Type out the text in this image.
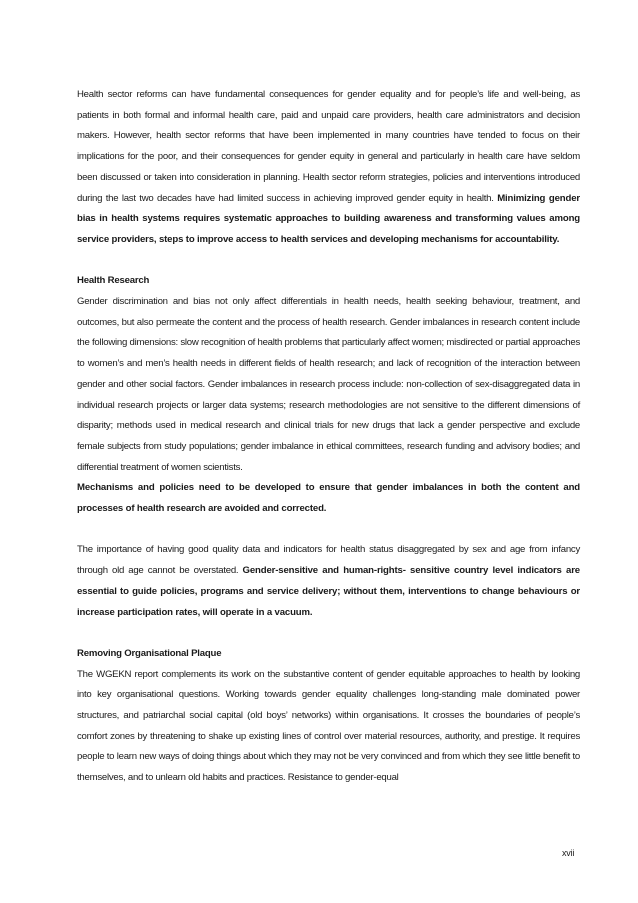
Health sector reforms can have fundamental consequences for gender equality and for people’s life and well-being, as patients in both formal and informal health care, paid and unpaid care providers, health care administrators and decision makers. However, health sector reforms that have been implemented in many countries have tended to focus on their implications for the poor, and their consequences for gender equity in general and particularly in health care have seldom been discussed or taken into consideration in planning. Health sector reform strategies, policies and interventions introduced during the last two decades have had limited success in achieving improved gender equity in health. Minimizing gender bias in health systems requires systematic approaches to building awareness and transforming values among service providers, steps to improve access to health services and developing mechanisms for accountability.

Health Research

Gender discrimination and bias not only affect differentials in health needs, health seeking behaviour, treatment, and outcomes, but also permeate the content and the process of health research. Gender imbalances in research content include the following dimensions: slow recognition of health problems that particularly affect women; misdirected or partial approaches to women’s and men’s health needs in different fields of health research; and lack of recognition of the interaction between gender and other social factors. Gender imbalances in research process include: non-collection of sex-disaggregated data in individual research projects or larger data systems; research methodologies are not sensitive to the different dimensions of disparity; methods used in medical research and clinical trials for new drugs that lack a gender perspective and exclude female subjects from study populations; gender imbalance in ethical committees, research funding and advisory bodies; and differential treatment of women scientists.
Mechanisms and policies need to be developed to ensure that gender imbalances in both the content and processes of health research are avoided and corrected.

The importance of having good quality data and indicators for health status disaggregated by sex and age from infancy through old age cannot be overstated. Gender-sensitive and human-rights- sensitive country level indicators are essential to guide policies, programs and service delivery; without them, interventions to change behaviours or increase participation rates, will operate in a vacuum.

Removing Organisational Plaque

The WGEKN report complements its work on the substantive content of gender equitable approaches to health by looking into key organisational questions. Working towards gender equality challenges long-standing male dominated power structures, and patriarchal social capital (old boys’ networks) within organisations. It crosses the boundaries of people’s comfort zones by threatening to shake up existing lines of control over material resources, authority, and prestige. It requires people to learn new ways of doing things about which they may not be very convinced and from which they see little benefit to themselves, and to unlearn old habits and practices. Resistance to gender-equal

xvii
